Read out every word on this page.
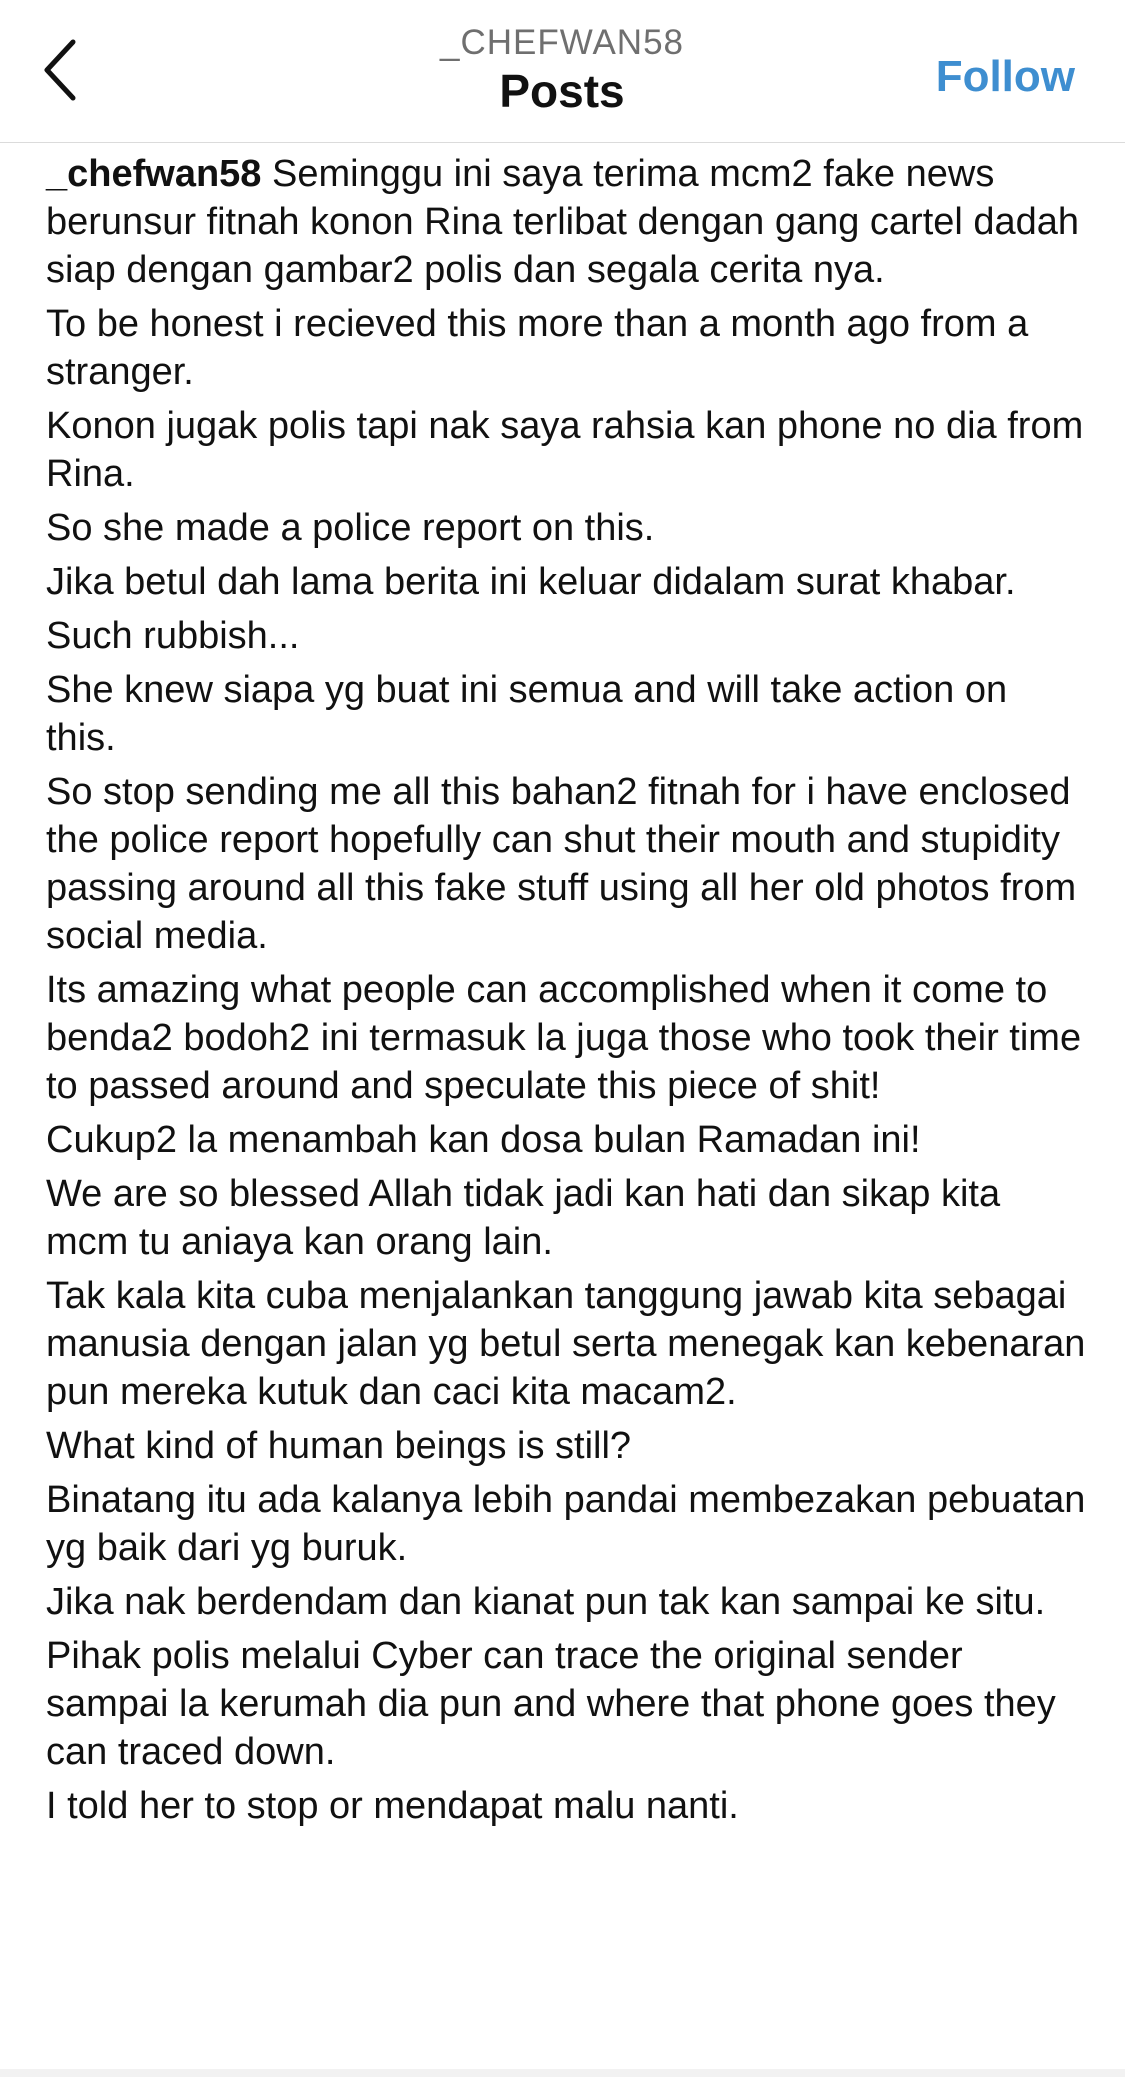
_CHEFWAN58
Posts	Follow

_chefwan58 Seminggu ini saya terima mcm2 fake news berunsur fitnah konon Rina terlibat dengan gang cartel dadah siap dengan gambar2 polis dan segala cerita nya.

To be honest i recieved this more than a month ago from a stranger.

Konon jugak polis tapi nak saya rahsia kan phone no dia from Rina.

So she made a police report on this.

Jika betul dah lama berita ini keluar didalam surat khabar.

Such rubbish...

She knew siapa yg buat ini semua and will take action on this.

So stop sending me all this bahan2 fitnah for i have enclosed the police report hopefully can shut their mouth and stupidity passing around all this fake stuff using all her old photos from social media.

Its amazing what people can accomplished when it come to benda2 bodoh2 ini termasuk la juga those who took their time to passed around and speculate this piece of shit!

Cukup2 la menambah kan dosa bulan Ramadan ini!

We are so blessed Allah tidak jadi kan hati dan sikap kita mcm tu aniaya kan orang lain.

Tak kala kita cuba menjalankan tanggung jawab kita sebagai manusia dengan jalan yg betul serta menegak kan kebenaran pun mereka kutuk dan caci kita macam2.

What kind of human beings is still?

Binatang itu ada kalanya lebih pandai membezakan pebuatan yg baik dari yg buruk.

Jika nak berdendam dan kianat pun tak kan sampai ke situ.

Pihak polis melalui Cyber can trace the original sender sampai la kerumah dia pun and where that phone goes they can traced down.

I told her to stop or mendapat malu nanti.
